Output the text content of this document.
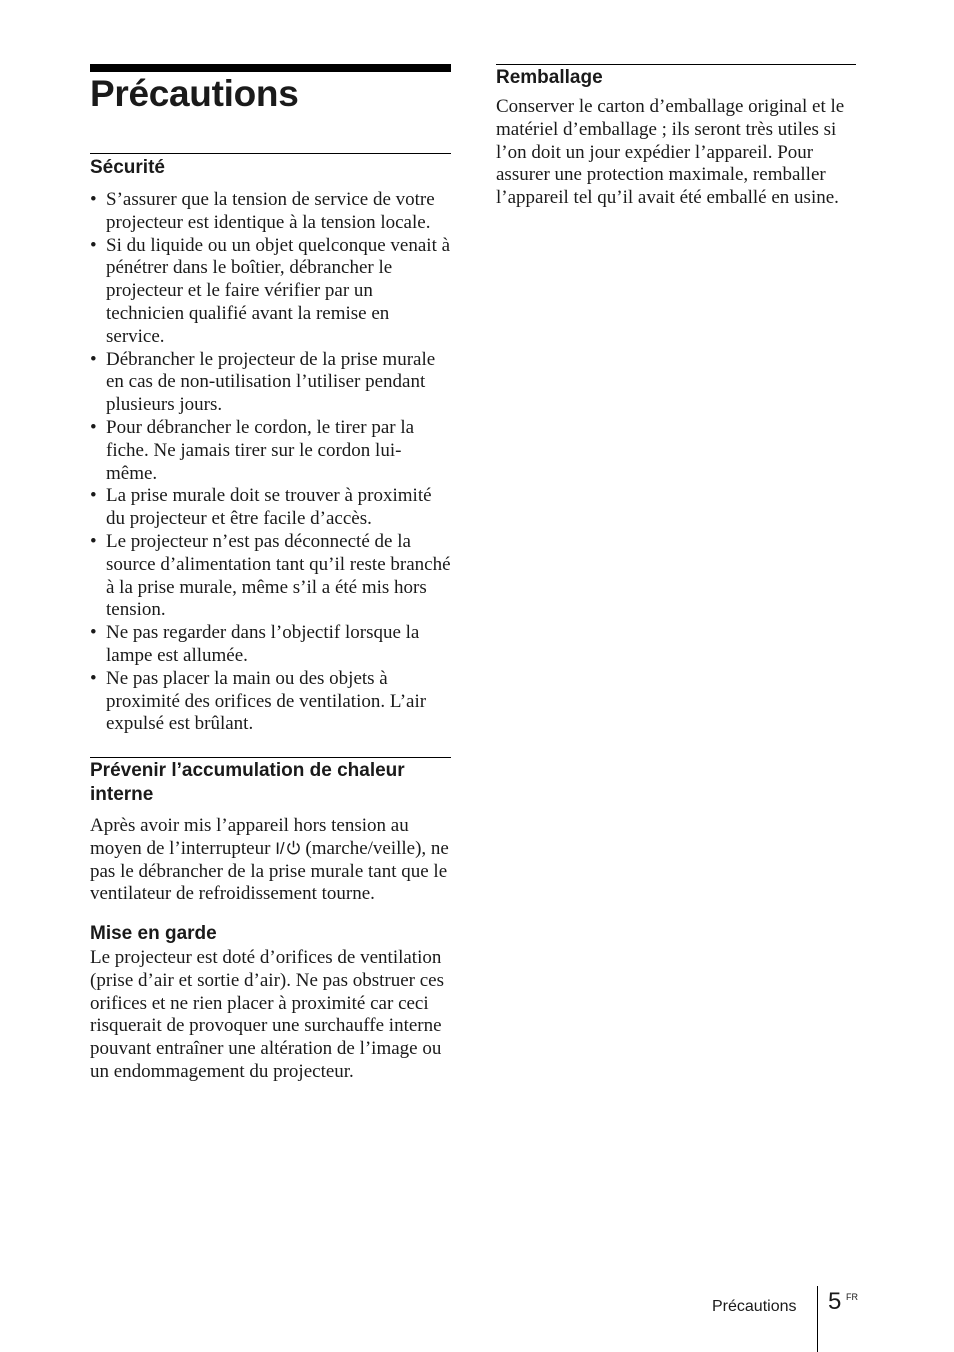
Précautions
Sécurité
• S’assurer que la tension de service de votre projecteur est identique à la tension locale.
• Si du liquide ou un objet quelconque venait à pénétrer dans le boîtier, débrancher le projecteur et le faire vérifier par un technicien qualifié avant la remise en service.
• Débrancher le projecteur de la prise murale en cas de non-utilisation l’utiliser pendant plusieurs jours.
• Pour débrancher le cordon, le tirer par la fiche. Ne jamais tirer sur le cordon lui-même.
• La prise murale doit se trouver à proximité du projecteur et être facile d’accès.
• Le projecteur n’est pas déconnecté de la source d’alimentation tant qu’il reste branché à la prise murale, même s’il a été mis hors tension.
• Ne pas regarder dans l’objectif lorsque la lampe est allumée.
• Ne pas placer la main ou des objets à proximité des orifices de ventilation. L’air expulsé est brûlant.
Prévenir l’accumulation de chaleur interne

Après avoir mis l’appareil hors tension au moyen de l’interrupteur I/ (marche/veille), ne pas le débrancher de la prise murale tant que le ventilateur de refroidissement tourne.

Mise en garde

Le projecteur est doté d’orifices de ventilation (prise d’air et sortie d’air). Ne pas obstruer ces orifices et ne rien placer à proximité car ceci risquerait de provoquer une surchauffe interne pouvant entraîner une altération de l’image ou un endommagement du projecteur.

Remballage

Conserver le carton d’emballage original et le matériel d’emballage ; ils seront très utiles si l’on doit un jour expédier l’appareil. Pour assurer une protection maximale, remballer l’appareil tel qu’il avait été emballé en usine.

Précautions 5 FR
